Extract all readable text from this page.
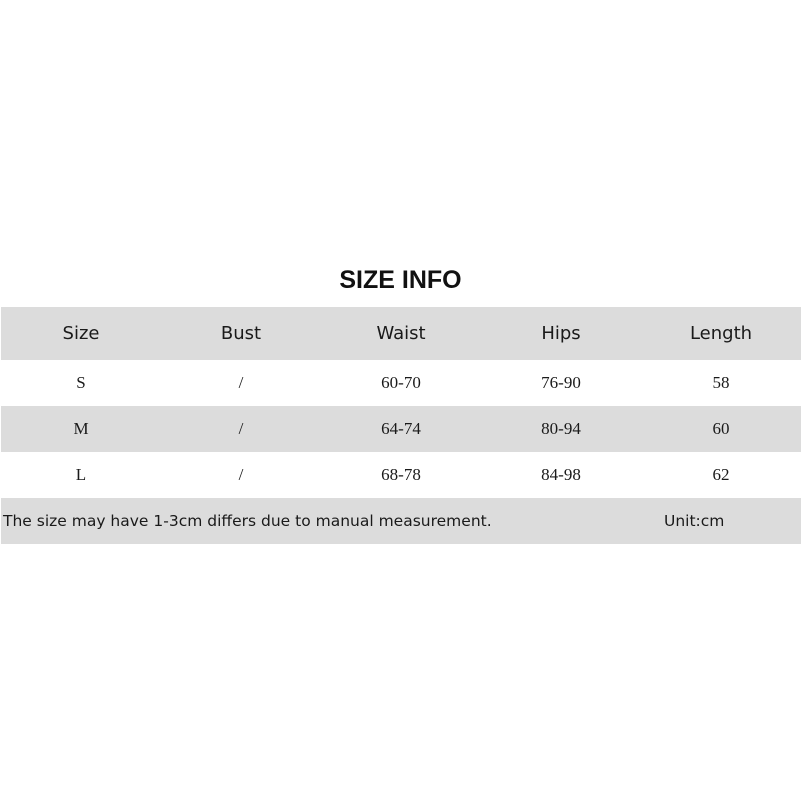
SIZE INFO
Size	Bust	Waist	Hips	Length
S	/	60-70	76-90	58
M	/	64-74	80-94	60
L	/	68-78	84-98	62
The size may have 1-3cm differs due to manual measurement.	Unit:cm
